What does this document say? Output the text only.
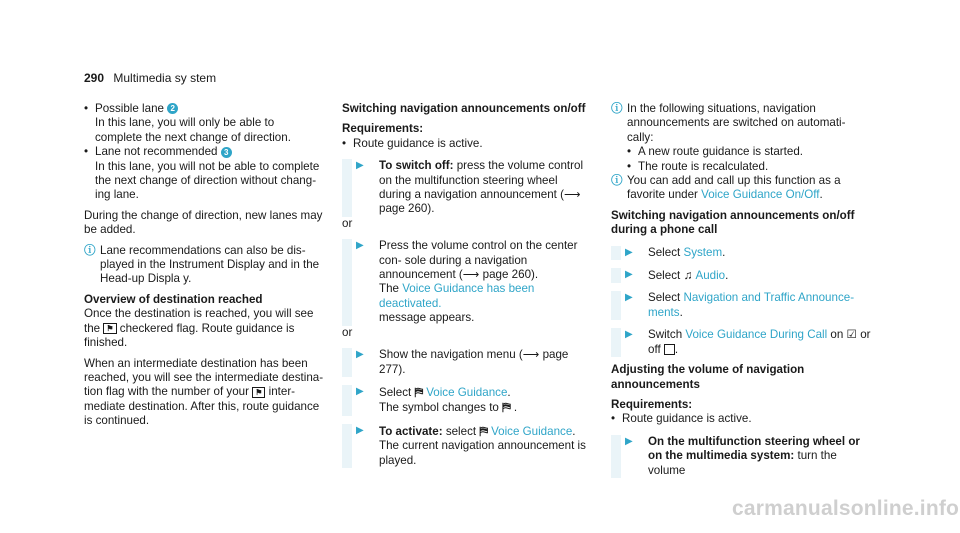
290 Multimedia sy stem

• Possible lane 2

In this lane, you will only be able to complete the next change of direction.

• Lane not recommended 3

In this lane, you will not be able to complete the next change of direction without chang- ing lane.

During the change of direction, new lanes may be added.

ⓘ Lane recommendations can also be dis- played in the Instrument Display and in the Head-up Displa y.

Overview of destination reached

Once the destination is reached, you will see the ⚑ checkered flag. Route guidance is finished.

When an intermediate destination has been reached, you will see the intermediate destina- tion flag with the number of your ⚑ inter- mediate destination. After this, route guidance is continued.

Switching navigation announcements on/off

Requirements:

• Route guidance is active.

▶ To switch off: press the volume control on the multifunction steering wheel during a navigation announcement (⟶ page 260).

or

▶ Press the volume control on the center con- sole during a navigation announcement (⟶ page 260).
The Voice Guidance has been deactivated.
message appears.

or

▶ Show the navigation menu (⟶ page 277).

▶ Select ⛿ Voice Guidance.
The symbol changes to ⛿ .

▶ To activate: select ⛿ Voice Guidance.
The current navigation announcement is played.

ⓘ In the following situations, navigation announcements are switched on automati- cally:

• A new route guidance is started.

• The route is recalculated.

ⓘ You can add and call up this function as a favorite under Voice Guidance On/Off.

Switching navigation announcements on/off during a phone call

▶ Select System.

▶ Select ♫ Audio.

▶ Select Navigation and Traffic Announce- ments.

▶ Switch Voice Guidance During Call on ☑ or
off .

Adjusting the volume of navigation announcements

Requirements:

• Route guidance is active.

▶ On the multifunction steering wheel or on the multimedia system: turn the volume

carmanualsonline.info
